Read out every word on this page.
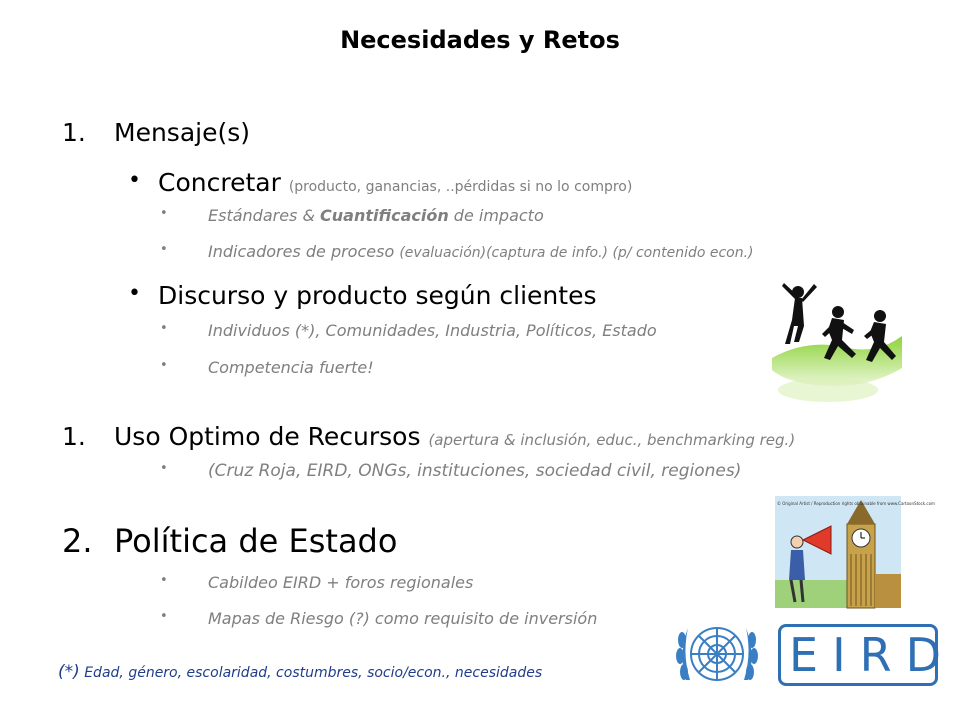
Necesidades y Retos
1. Mensaje(s)
• Concretar (producto, ganancias, ..pérdidas si no lo compro)
•	Estándares & Cuantificación de impacto
•	Indicadores de proceso (evaluación)(captura de info.) (p/ contenido econ.)
• Discurso y producto según clientes
•	Individuos (*), Comunidades, Industria, Políticos, Estado
•	Competencia fuerte!
1. Uso Optimo de Recursos (apertura & inclusión, educ., benchmarking reg.)
• (Cruz Roja, EIRD, ONGs, instituciones, sociedad civil, regiones)
2. Política de Estado
•	Cabildeo EIRD + foros regionales
•	Mapas de Riesgo (?) como requisito de inversión
(*) Edad, género, escolaridad, costumbres, socio/econ., necesidades
© Original Artist / Reproduction rights obtainable from www.CartoonStock.com
EIRD
